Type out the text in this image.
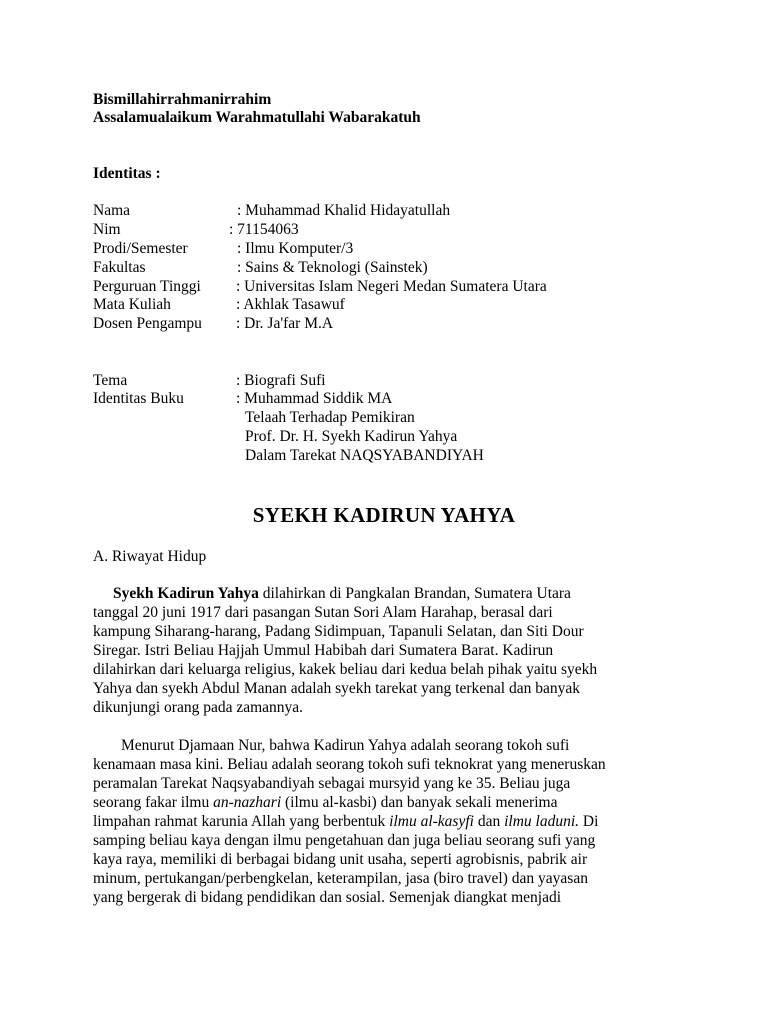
Bismillahirrahmanirrahim
Assalamualaikum Warahmatullahi Wabarakatuh
Identitas :
Nama	: Muhammad Khalid Hidayatullah
Nim	: 71154063
Prodi/Semester	: Ilmu Komputer/3
Fakultas	: Sains & Teknologi (Sainstek)
Perguruan Tinggi : Universitas Islam Negeri Medan Sumatera Utara
Mata Kuliah	: Akhlak Tasawuf
Dosen Pengampu : Dr. Ja'far M.A
Tema	: Biografi Sufi
Identitas Buku	: Muhammad Siddik MA
Telaah Terhadap Pemikiran
Prof. Dr. H. Syekh Kadirun Yahya
Dalam Tarekat NAQSYABANDIYAH
SYEKH KADIRUN YAHYA
A. Riwayat Hidup
Syekh Kadirun Yahya dilahirkan di Pangkalan Brandan, Sumatera Utara
tanggal 20 juni 1917 dari pasangan Sutan Sori Alam Harahap, berasal dari
kampung Siharang-harang, Padang Sidimpuan, Tapanuli Selatan, dan Siti Dour
Siregar. Istri Beliau Hajjah Ummul Habibah dari Sumatera Barat. Kadirun
dilahirkan dari keluarga religius, kakek beliau dari kedua belah pihak yaitu syekh
Yahya dan syekh Abdul Manan adalah syekh tarekat yang terkenal dan banyak
dikunjungi orang pada zamannya.
Menurut Djamaan Nur, bahwa Kadirun Yahya adalah seorang tokoh sufi
kenamaan masa kini. Beliau adalah seorang tokoh sufi teknokrat yang meneruskan
peramalan Tarekat Naqsyabandiyah sebagai mursyid yang ke 35. Beliau juga
seorang fakar ilmu an-nazhari (ilmu al-kasbi) dan banyak sekali menerima
limpahan rahmat karunia Allah yang berbentuk ilmu al-kasyfi dan ilmu laduni. Di
samping beliau kaya dengan ilmu pengetahuan dan juga beliau seorang sufi yang
kaya raya, memiliki di berbagai bidang unit usaha, seperti agrobisnis, pabrik air
minum, pertukangan/perbengkelan, keterampilan, jasa (biro travel) dan yayasan
yang bergerak di bidang pendidikan dan sosial. Semenjak diangkat menjadi
